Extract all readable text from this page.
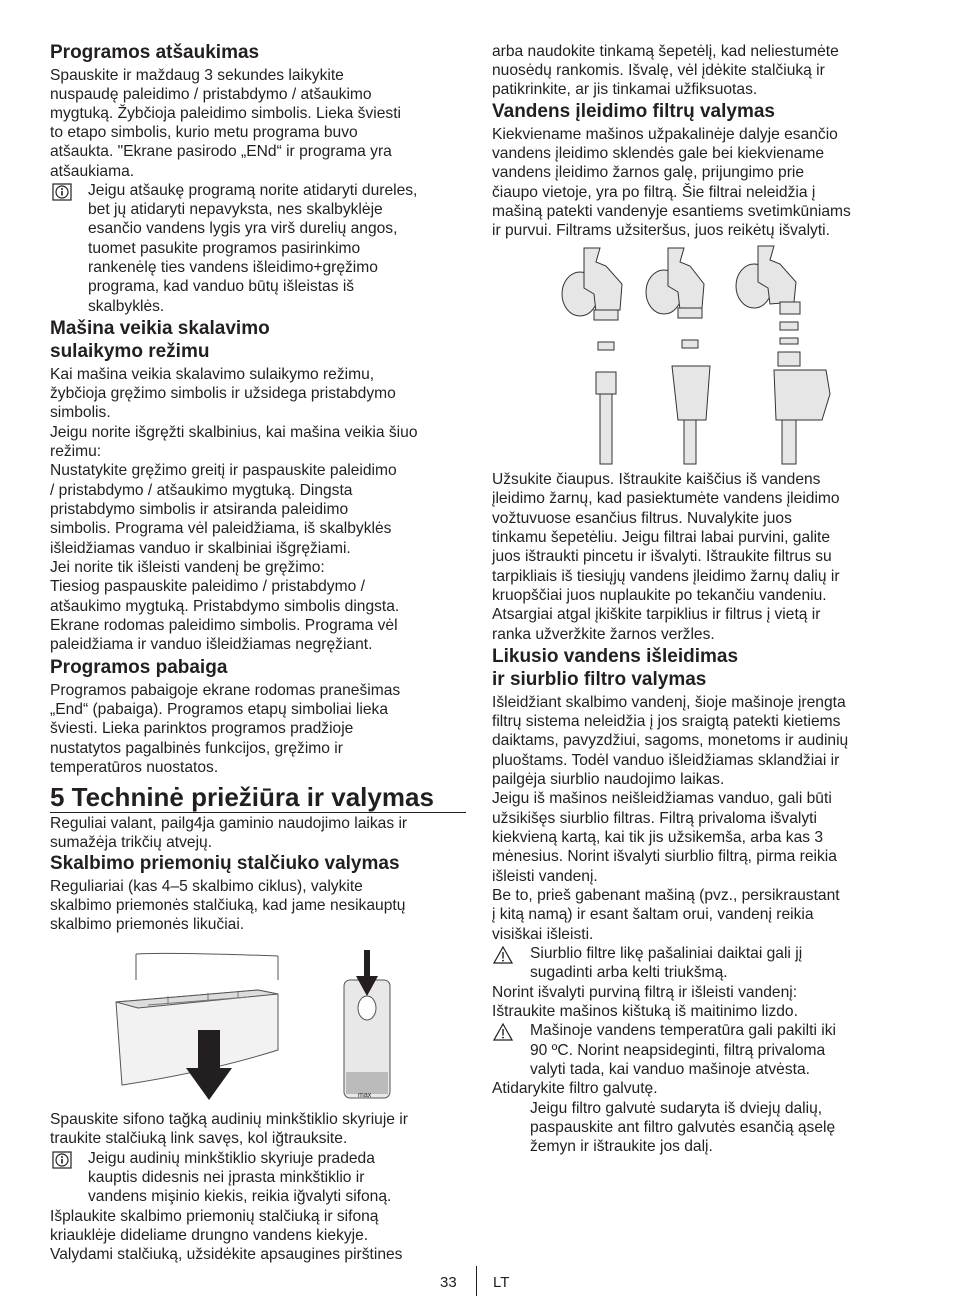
Programos atšaukimas
Spauskite ir maždaug 3 sekundes laikykite
nuspaudę paleidimo / pristabdymo / atšaukimo
mygtuką. Žybčioja paleidimo simbolis. Lieka šviesti
to etapo simbolis, kurio metu programa buvo
atšaukta. "Ekrane pasirodo „ENd“ ir programa yra
atšaukiama.
Jeigu atšaukę programą norite atidaryti dureles,
bet jų atidaryti nepavyksta, nes skalbyklėje
esančio vandens lygis yra virš durelių angos,
tuomet pasukite programos pasirinkimo
rankenėlę ties vandens išleidimo+gręžimo
programa, kad vanduo būtų išleistas iš
skalbyklės.
Mašina veikia skalavimo
sulaikymo režimu
Kai mašina veikia skalavimo sulaikymo režimu,
žybčioja gręžimo simbolis ir užsidega pristabdymo
simbolis.
Jeigu norite išgręžti skalbinius, kai mašina veikia šiuo
režimu:
Nustatykite gręžimo greitį ir paspauskite paleidimo
/ pristabdymo / atšaukimo mygtuką. Dingsta
pristabdymo simbolis ir atsiranda paleidimo
simbolis. Programa vėl paleidžiama, iš skalbyklės
išleidžiamas vanduo ir skalbiniai išgręžiami.
Jei norite tik išleisti vandenį be gręžimo:
Tiesiog paspauskite paleidimo / pristabdymo /
atšaukimo mygtuką. Pristabdymo simbolis dingsta.
Ekrane rodomas paleidimo simbolis. Programa vėl
paleidžiama ir vanduo išleidžiamas negręžiant.
Programos pabaiga
Programos pabaigoje ekrane rodomas pranešimas
„End“ (pabaiga). Programos etapų simboliai lieka
šviesti. Lieka parinktos programos pradžioje
nustatytos pagalbinės funkcijos, gręžimo ir
temperatūros nuostatos.
5 Techninė priežiūra ir valymas
Reguliai valant, pailg4ja gaminio naudojimo laikas ir
sumažėja trikčių atvejų.
Skalbimo priemonių stalčiuko valymas
Reguliariai (kas 4–5 skalbimo ciklus), valykite
skalbimo priemonės stalčiuką, kad jame nesikauptų
skalbimo priemonės likučiai.
max
Spauskite sifono tağką audinių minkštiklio skyriuje ir
traukite stalčiuką link savęs, kol iğtrauksite.
Jeigu audinių minkštiklio skyriuje pradeda
kauptis didesnis nei įprasta minkštiklio ir
vandens mişinio kiekis, reikia iğvalyti sifoną.
Išplaukite skalbimo priemonių stalčiuką ir sifoną
kriauklėje dideliame drungno vandens kiekyje.
Valydami stalčiuką, užsidėkite apsaugines pirštines
arba naudokite tinkamą šepetėlį, kad neliestumėte
nuosėdų rankomis. Išvalę, vėl įdėkite stalčiuką ir
patikrinkite, ar jis tinkamai užfiksuotas.
Vandens įleidimo filtrų valymas
Kiekviename mašinos užpakalinėje dalyje esančio
vandens įleidimo sklendės gale bei kiekviename
vandens įleidimo žarnos galę, prijungimo prie
čiaupo vietoje, yra po filtrą. Šie filtrai neleidžia į
mašiną patekti vandenyje esantiems svetimkūniams
ir purvui. Filtrams užsiteršus, juos reikėtų išvalyti.
Užsukite čiaupus. Ištraukite kaiščius iš vandens
įleidimo žarnų, kad pasiektumėte vandens įleidimo
vožtuvuose esančius filtrus. Nuvalykite juos
tinkamu šepetėliu. Jeigu filtrai labai purvini, galite
juos ištraukti pincetu ir išvalyti. Ištraukite filtrus su
tarpikliais iš tiesiųjų vandens įleidimo žarnų dalių ir
kruopščiai juos nuplaukite po tekančiu vandeniu.
Atsargiai atgal įkiškite tarpiklius ir filtrus į vietą ir
ranka užveržkite žarnos veržles.
Likusio vandens išleidimas
ir siurblio filtro valymas
Išleidžiant skalbimo vandenį, šioje mašinoje įrengta
filtrų sistema neleidžia į jos sraigtą patekti kietiems
daiktams, pavyzdžiui, sagoms, monetoms ir audinių
pluoštams. Todėl vanduo išleidžiamas sklandžiai ir
pailgėja siurblio naudojimo laikas.
Jeigu iš mašinos neišleidžiamas vanduo, gali būti
užsikišęs siurblio filtras. Filtrą privaloma išvalyti
kiekvieną kartą, kai tik jis užsikemša, arba kas 3
mėnesius. Norint išvalyti siurblio filtrą, pirma reikia
išleisti vandenį.
Be to, prieš gabenant mašiną (pvz., persikraustant
į kitą namą) ir esant šaltam orui, vandenį reikia
visiškai išleisti.
Siurblio filtre likę pašaliniai daiktai gali jį
sugadinti arba kelti triukšmą.
Norint išvalyti purviną filtrą ir išleisti vandenį:
Ištraukite mašinos kištuką iš maitinimo lizdo.
Mašinoje vandens temperatūra gali pakilti iki
90 ºC. Norint neapsideginti, filtrą privaloma
valyti tada, kai vanduo mašinoje atvėsta.
Atidarykite filtro galvutę.
Jeigu filtro galvutė sudaryta iš dviejų dalių,
paspauskite ant filtro galvutės esančią ąselę
žemyn ir ištraukite jos dalį.
33 LT
